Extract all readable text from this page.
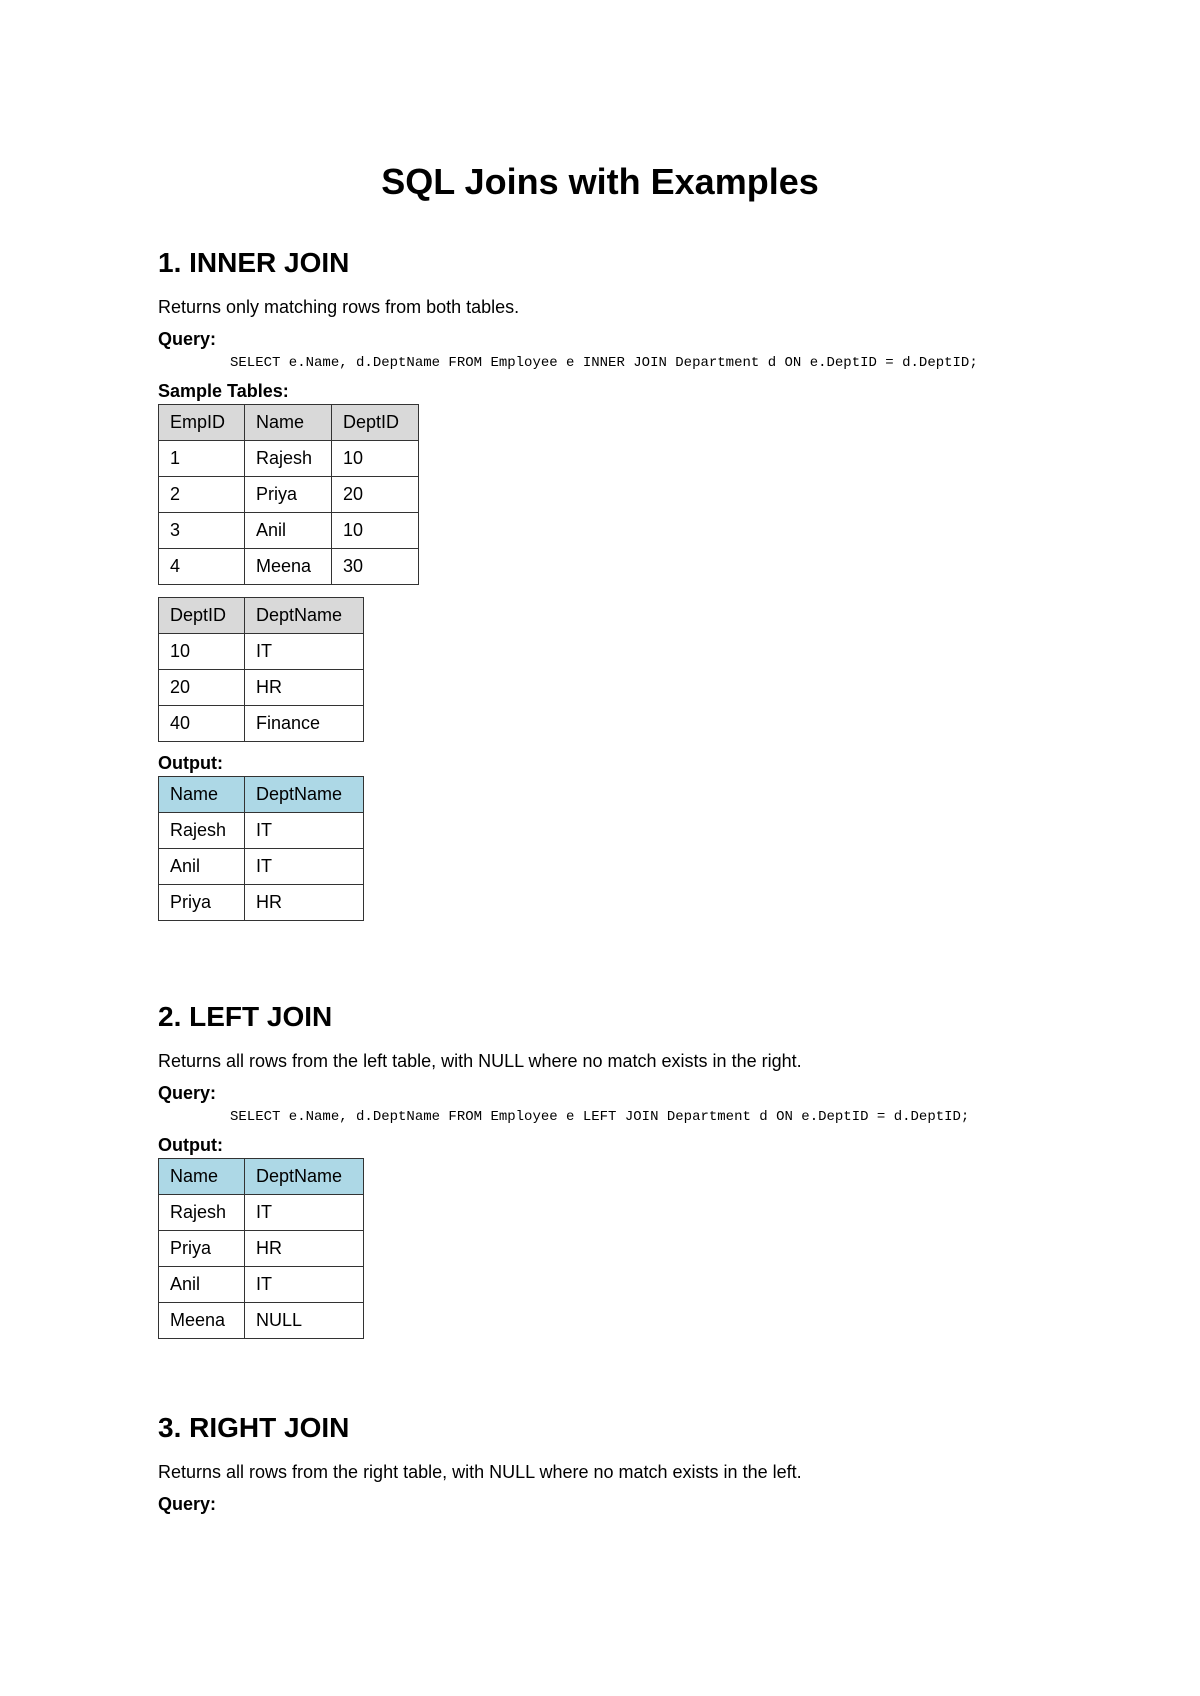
SQL Joins with Examples
1. INNER JOIN

Returns only matching rows from both tables.

Query:

SELECT e.Name, d.DeptName FROM Employee e INNER JOIN Department d ON e.DeptID = d.DeptID;

Sample Tables:

EmpID	Name	DeptID
1	Rajesh	10
2	Priya	20
3	Anil	10
4	Meena	30
DeptID	DeptName
10	IT
20	HR
40	Finance

Output:

Name	DeptName
Rajesh	IT
Anil	IT
Priya	HR
2. LEFT JOIN

Returns all rows from the left table, with NULL where no match exists in the right.

Query:

SELECT e.Name, d.DeptName FROM Employee e LEFT JOIN Department d ON e.DeptID = d.DeptID;

Output:

Name	DeptName
Rajesh	IT
Priya	HR
Anil	IT
Meena	NULL
3. RIGHT JOIN

Returns all rows from the right table, with NULL where no match exists in the left.

Query:
